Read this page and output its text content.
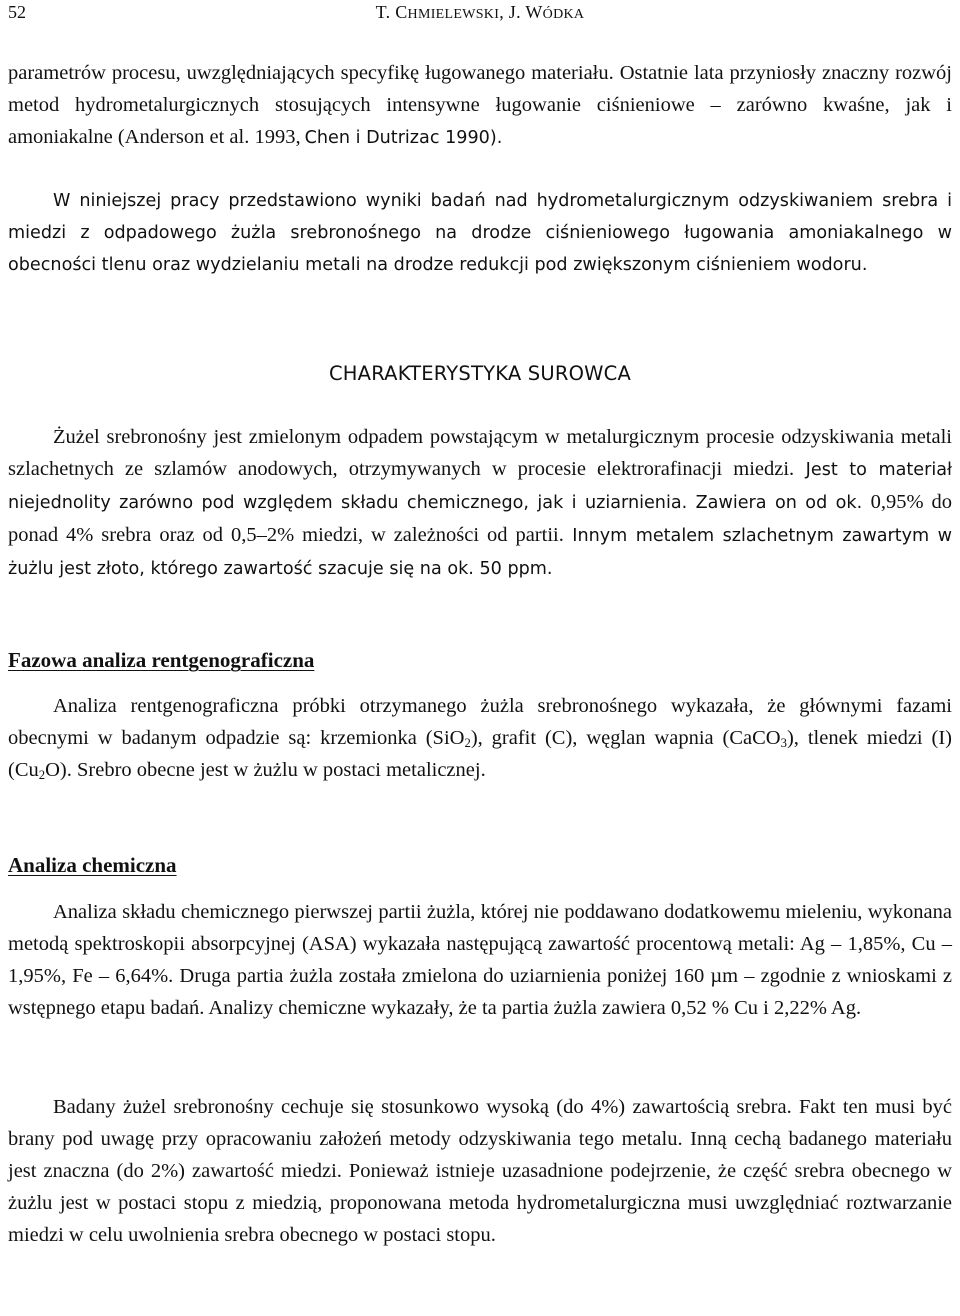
52	T. CHMIELEWSKI, J. WÓDKA

parametrów procesu, uwzględniających specyfikę ługowanego materiału. Ostatnie lata przyniosły znaczny rozwój metod hydrometalurgicznych stosujących intensywne ługowanie ciśnieniowe – zarówno kwaśne, jak i amoniakalne (Anderson et al. 1993, Chen i Dutrizac 1990).

W niniejszej pracy przedstawiono wyniki badań nad hydrometalurgicznym odzyskiwaniem srebra i miedzi z odpadowego żużla srebronośnego na drodze ciśnieniowego ługowania amoniakalnego w obecności tlenu oraz wydzielaniu metali na drodze redukcji pod zwiększonym ciśnieniem wodoru.

CHARAKTERYSTYKA SUROWCA

Żużel srebronośny jest zmielonym odpadem powstającym w metalurgicznym procesie odzyskiwania metali szlachetnych ze szlamów anodowych, otrzymywanych w procesie elektrorafinacji miedzi. Jest to materiał niejednolity zarówno pod względem składu chemicznego, jak i uziarnienia. Zawiera on od ok. 0,95% do ponad 4% srebra oraz od 0,5–2% miedzi, w zależności od partii. Innym metalem szlachetnym zawartym w żużlu jest złoto, którego zawartość szacuje się na ok. 50 ppm.

Fazowa analiza rentgenograficzna

Analiza rentgenograficzna próbki otrzymanego żużla srebronośnego wykazała, że głównymi fazami obecnymi w badanym odpadzie są: krzemionka (SiO$_2$), grafit (C), węglan wapnia (CaCO$_3$), tlenek miedzi (I) $(Cu_2O)$. Srebro obecne jest w żużlu w postaci metalicznej.

Analiza chemiczna

Analiza składu chemicznego pierwszej partii żużla, której nie poddawano dodatkowemu mieleniu, wykonana metodą spektroskopii absorpcyjnej (ASA) wykazała następującą zawartość procentową metali: Ag – 1,85%, Cu – 1,95%, Fe – 6,64%. Druga partia żużla została zmielona do uziarnienia poniżej 160 µm – zgodnie z wnioskami z wstępnego etapu badań. Analizy chemiczne wykazały, że ta partia żużla zawiera 0,52 % Cu i 2,22% Ag.

Badany żużel srebronośny cechuje się stosunkowo wysoką (do 4%) zawartością srebra. Fakt ten musi być brany pod uwagę przy opracowaniu założeń metody odzyskiwania tego metalu. Inną cechą badanego materiału jest znaczna (do 2%) zawartość miedzi. Ponieważ istnieje uzasadnione podejrzenie, że część srebra obecnego w żużlu jest w postaci stopu z miedzią, proponowana metoda hydrometalurgiczna musi uwzględniać roztwarzanie miedzi w celu uwolnienia srebra obecnego w postaci stopu.
